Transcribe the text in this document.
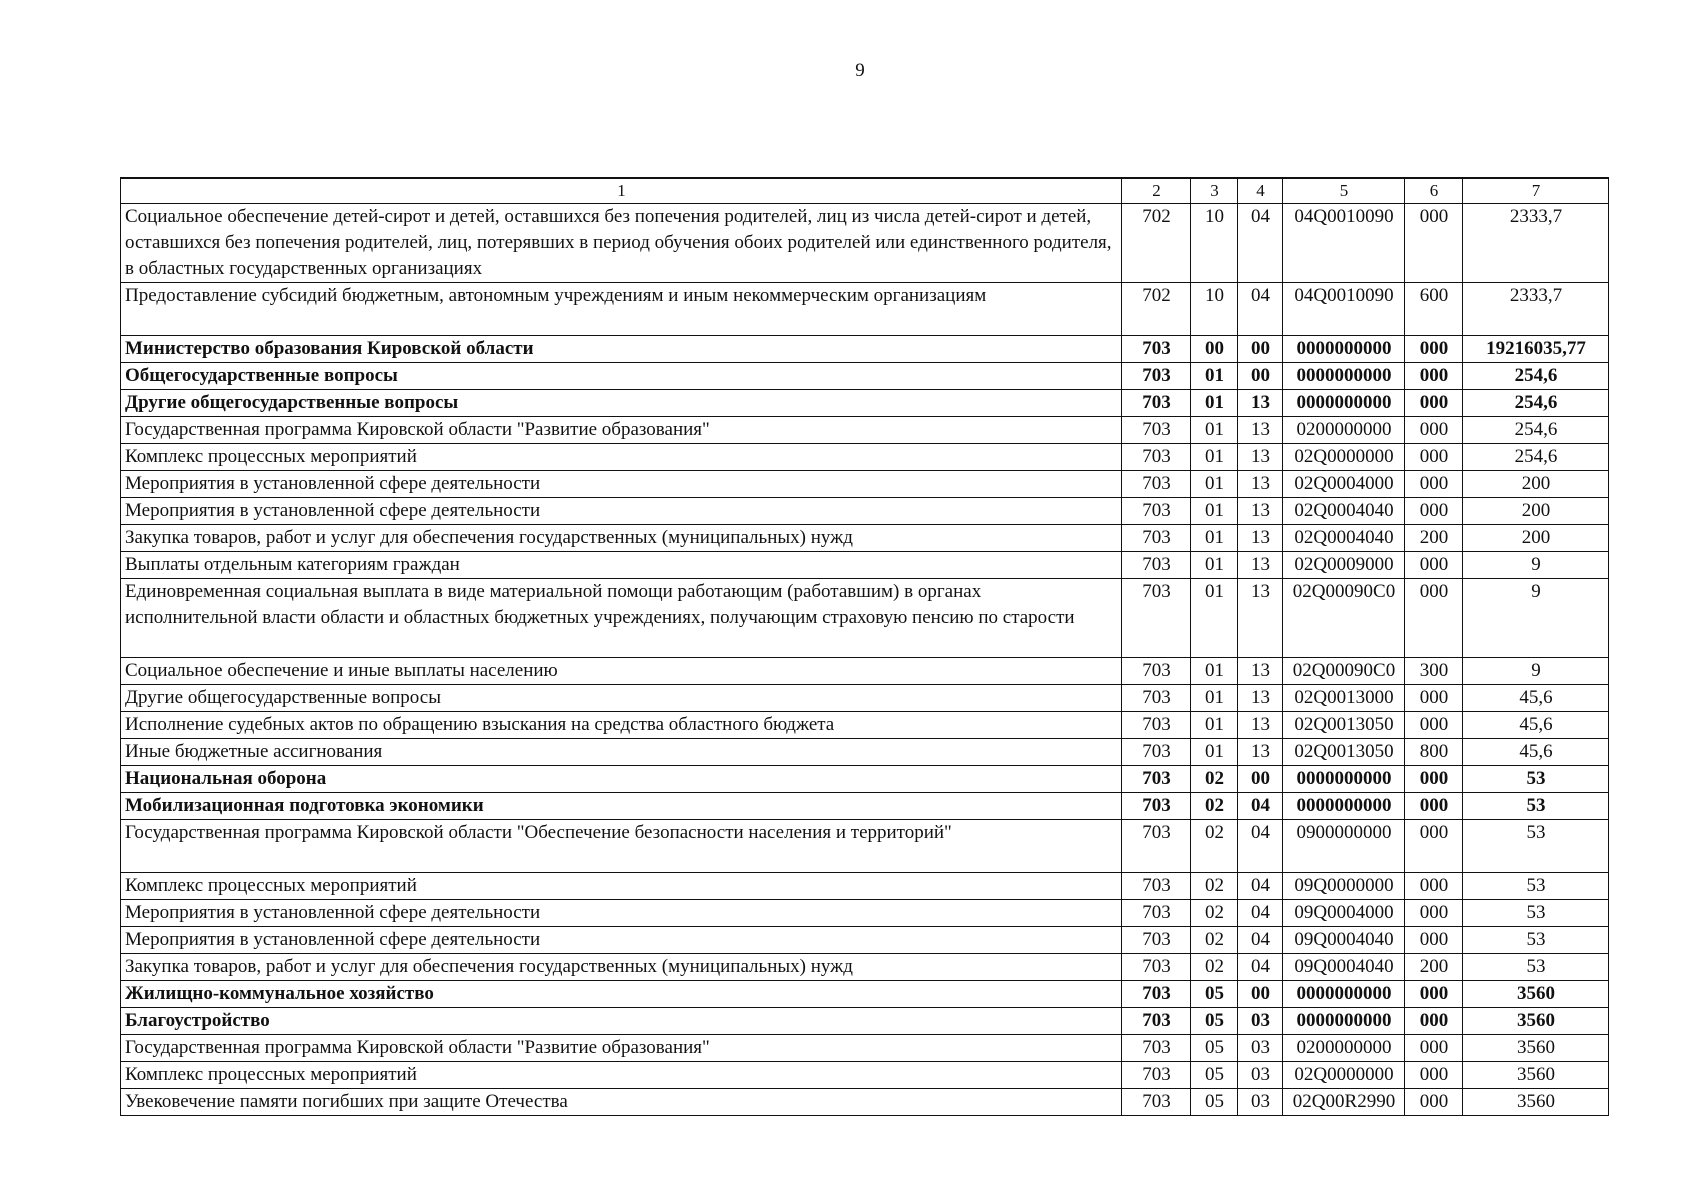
9
1	2	3	4	5	6	7
Социальное обеспечение детей-сирот и детей, оставшихся без попечения родителей, лиц из числа детей-сирот и детей, оставшихся без попечения родителей, лиц, потерявших в период обучения обоих родителей или единственного родителя, в областных государственных организациях	702	10	04	04Q0010090	000	2333,7
Предоставление субсидий бюджетным, автономным учреждениям и иным некоммерческим организациям	702	10	04	04Q0010090	600	2333,7
Министерство образования Кировской области	703	00	00	0000000000	000	19216035,77
Общегосударственные вопросы	703	01	00	0000000000	000	254,6
Другие общегосударственные вопросы	703	01	13	0000000000	000	254,6
Государственная программа Кировской области "Развитие образования"	703	01	13	0200000000	000	254,6
Комплекс процессных мероприятий	703	01	13	02Q0000000	000	254,6
Мероприятия в установленной сфере деятельности	703	01	13	02Q0004000	000	200
Мероприятия в установленной сфере деятельности	703	01	13	02Q0004040	000	200
Закупка товаров, работ и услуг для обеспечения государственных (муниципальных) нужд	703	01	13	02Q0004040	200	200
Выплаты отдельным категориям граждан	703	01	13	02Q0009000	000	9
Единовременная социальная выплата в виде материальной помощи работающим (работавшим) в органах исполнительной власти области и областных бюджетных учреждениях, получающим страховую пенсию по старости	703	01	13	02Q00090C0	000	9
Социальное обеспечение и иные выплаты населению	703	01	13	02Q00090C0	300	9
Другие общегосударственные вопросы	703	01	13	02Q0013000	000	45,6
Исполнение судебных актов по обращению взыскания на средства областного бюджета	703	01	13	02Q0013050	000	45,6
Иные бюджетные ассигнования	703	01	13	02Q0013050	800	45,6
Национальная оборона	703	02	00	0000000000	000	53
Мобилизационная подготовка экономики	703	02	04	0000000000	000	53
Государственная программа Кировской области "Обеспечение безопасности населения и территорий"	703	02	04	0900000000	000	53
Комплекс процессных мероприятий	703	02	04	09Q0000000	000	53
Мероприятия в установленной сфере деятельности	703	02	04	09Q0004000	000	53
Мероприятия в установленной сфере деятельности	703	02	04	09Q0004040	000	53
Закупка товаров, работ и услуг для обеспечения государственных (муниципальных) нужд	703	02	04	09Q0004040	200	53
Жилищно-коммунальное хозяйство	703	05	00	0000000000	000	3560
Благоустройство	703	05	03	0000000000	000	3560
Государственная программа Кировской области "Развитие образования"	703	05	03	0200000000	000	3560
Комплекс процессных мероприятий	703	05	03	02Q0000000	000	3560
Увековечение памяти погибших при защите Отечества	703	05	03	02Q00R2990	000	3560
